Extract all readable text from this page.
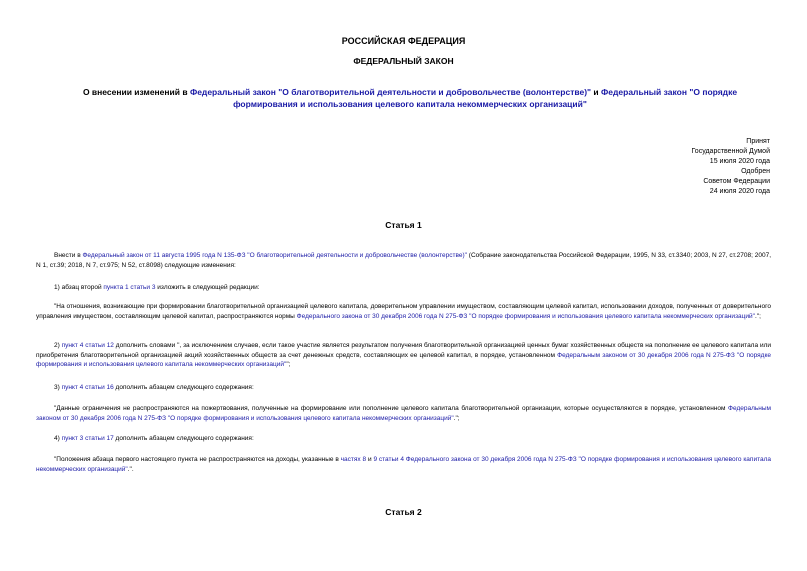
РОССИЙСКАЯ ФЕДЕРАЦИЯ
ФЕДЕРАЛЬНЫЙ ЗАКОН
О внесении изменений в Федеральный закон "О благотворительной деятельности и добровольчестве (волонтерстве)" и Федеральный закон "О порядке формирования и использования целевого капитала некоммерческих организаций"
Принят
Государственной Думой
15 июля 2020 года
Одобрен
Советом Федерации
24 июля 2020 года
Статья 1
Внести в Федеральный закон от 11 августа 1995 года N 135-ФЗ "О благотворительной деятельности и добровольчестве (волонтерстве)" (Собрание законодательства Российской Федерации, 1995, N 33, ст.3340; 2003, N 27, ст.2708; 2007, N 1, ст.39; 2018, N 7, ст.975; N 52, ст.8098) следующие изменения:
1) абзац второй пункта 1 статьи 3 изложить в следующей редакции:
"На отношения, возникающие при формировании благотворительной организацией целевого капитала, доверительном управлении имуществом, составляющим целевой капитал, использовании доходов, полученных от доверительного управления имуществом, составляющим целевой капитал, распространяются нормы Федерального закона от 30 декабря 2006 года N 275-ФЗ "О порядке формирования и использования целевого капитала некоммерческих организаций".";
2) пункт 4 статьи 12 дополнить словами ", за исключением случаев, если такое участие является результатом получения благотворительной организацией ценных бумаг хозяйственных обществ на пополнение ее целевого капитала или приобретения благотворительной организацией акций хозяйственных обществ за счет денежных средств, составляющих ее целевой капитал, в порядке, установленном Федеральным законом от 30 декабря 2006 года N 275-ФЗ "О порядке формирования и использования целевого капитала некоммерческих организаций"";
3) пункт 4 статьи 16 дополнить абзацем следующего содержания:
"Данные ограничения не распространяются на пожертвования, полученные на формирование или пополнение целевого капитала благотворительной организации, которые осуществляются в порядке, установленном Федеральным законом от 30 декабря 2006 года N 275-ФЗ "О порядке формирования и использования целевого капитала некоммерческих организаций".";
4) пункт 3 статьи 17 дополнить абзацем следующего содержания:
"Положения абзаца первого настоящего пункта не распространяются на доходы, указанные в частях 8 и 9 статьи 4 Федерального закона от 30 декабря 2006 года N 275-ФЗ "О порядке формирования и использования целевого капитала некоммерческих организаций".".
Статья 2
